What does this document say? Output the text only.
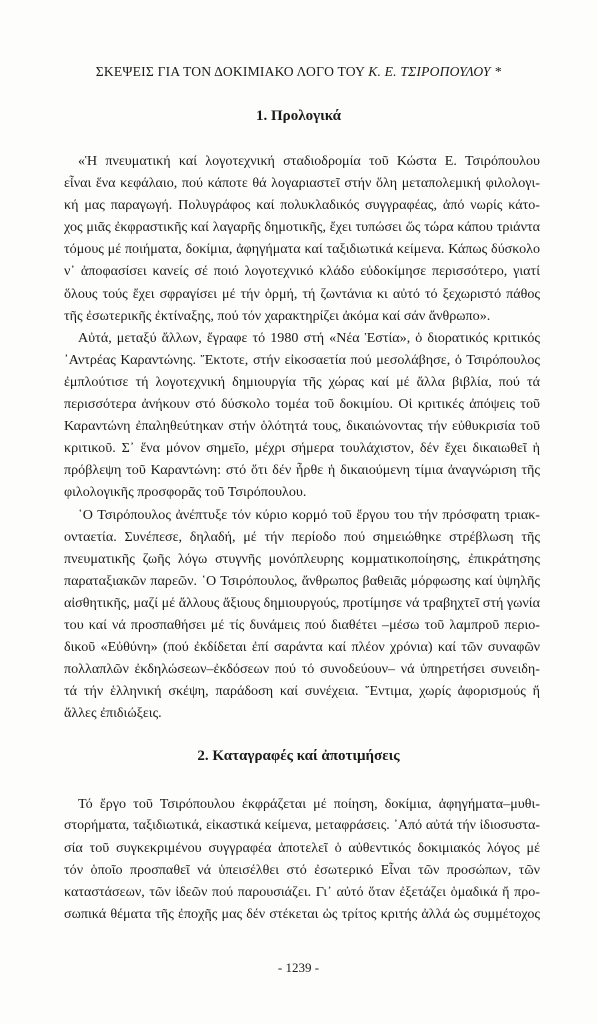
ΣΚΕΨΕΙΣ ΓΙΑ ΤΟΝ ΔΟΚΙΜΙΑΚΟ ΛΟΓΟ ΤΟΥ Κ. Ε. ΤΣΙΡΟΠΟΥΛΟΥ *
1. Προλογικά
«Ἡ πνευματική καί λογοτεχνική σταδιοδρομία τοῦ Κώστα Ε. Τσιρόπουλου
εἶναι ἕνα κεφάλαιο, πού κάποτε θά λογαριαστεῖ στήν ὅλη μεταπολεμική φιλολογι-
κή μας παραγωγή. Πολυγράφος καί πολυκλαδικός συγγραφέας, ἀπό νωρίς κάτο-
χος μιᾶς ἐκφραστικῆς καί λαγαρῆς δημοτικῆς, ἔχει τυπώσει ὥς τώρα κάπου τριάντα
τόμους μέ ποιήματα, δοκίμια, ἀφηγήματα καί ταξιδιωτικά κείμενα. Κάπως δύσκολο
ν᾽ ἀποφασίσει κανείς σέ ποιό λογοτεχνικό κλάδο εὐδοκίμησε περισσότερο, γιατί
ὅλους τούς ἔχει σφραγίσει μέ τήν ὁρμή, τή ζωντάνια κι αὐτό τό ξεχωριστό πάθος
τῆς ἐσωτερικῆς ἐκτίναξης, πού τόν χαρακτηρίζει ἀκόμα καί σάν ἄνθρωπο».
Αὐτά, μεταξύ ἄλλων, ἔγραφε τό 1980 στή «Νέα Ἑστία», ὁ διορατικός κριτικός
᾽Αντρέας Καραντώνης. Ἔκτοτε, στήν εἰκοσαετία πού μεσολάβησε, ὁ Τσιρόπουλος
ἐμπλούτισε τή λογοτεχνική δημιουργία τῆς χώρας καί μέ ἄλλα βιβλία, πού τά
περισσότερα ἀνήκουν στό δύσκολο τομέα τοῦ δοκιμίου. Οἱ κριτικές ἀπόψεις τοῦ
Καραντώνη ἐπαληθεύτηκαν στήν ὁλότητά τους, δικαιώνοντας τήν εὐθυκρισία τοῦ
κριτικοῦ. Σ᾽ ἕνα μόνον σημεῖο, μέχρι σήμερα τουλάχιστον, δέν ἔχει δικαιωθεῖ ἡ
πρόβλεψη τοῦ Καραντώνη: στό ὅτι δέν ἦρθε ἡ δικαιούμενη τίμια ἀναγνώριση τῆς
φιλολογικῆς προσφορᾶς τοῦ Τσιρόπουλου.
῾Ο Τσιρόπουλος ἀνέπτυξε τόν κύριο κορμό τοῦ ἔργου του τήν πρόσφατη τριακ-
ονταετία. Συνέπεσε, δηλαδή, μέ τήν περίοδο πού σημειώθηκε στρέβλωση τῆς
πνευματικῆς ζωῆς λόγω στυγνῆς μονόπλευρης κομματικοποίησης, ἐπικράτησης
παραταξιακῶν παρεῶν. ῾Ο Τσιρόπουλος, ἄνθρωπος βαθειᾶς μόρφωσης καί ὑψηλῆς
αἰσθητικῆς, μαζί μέ ἄλλους ἄξιους δημιουργούς, προτίμησε νά τραβηχτεῖ στή γωνία
του καί νά προσπαθήσει μέ τίς δυνάμεις πού διαθέτει –μέσω τοῦ λαμπροῦ περιο-
δικοῦ «Εὐθύνη» (πού ἐκδίδεται ἐπί σαράντα καί πλέον χρόνια) καί τῶν συναφῶν
πολλαπλῶν ἐκδηλώσεων–ἐκδόσεων πού τό συνοδεύουν– νά ὑπηρετήσει συνειδη-
τά τήν ἑλληνική σκέψη, παράδοση καί συνέχεια. Ἔντιμα, χωρίς ἀφορισμούς ἤ
ἄλλες ἐπιδιώξεις.
2. Καταγραφές καί ἀποτιμήσεις
Τό ἔργο τοῦ Τσιρόπουλου ἐκφράζεται μέ ποίηση, δοκίμια, ἀφηγήματα–μυθι-
στορήματα, ταξιδιωτικά, εἰκαστικά κείμενα, μεταφράσεις. ᾽Από αὐτά τήν ἰδιοσυστα-
σία τοῦ συγκεκριμένου συγγραφέα ἀποτελεῖ ὁ αὐθεντικός δοκιμιακός λόγος μέ
τόν ὁποῖο προσπαθεῖ νά ὑπεισέλθει στό ἐσωτερικό Εἶναι τῶν προσώπων, τῶν
καταστάσεων, τῶν ἰδεῶν πού παρουσιάζει. Γι᾽ αὐτό ὅταν ἐξετάζει ὁμαδικά ἤ προ-
σωπικά θέματα τῆς ἐποχῆς μας δέν στέκεται ὡς τρίτος κριτής ἀλλά ὡς συμμέτοχος
- 1239 -
